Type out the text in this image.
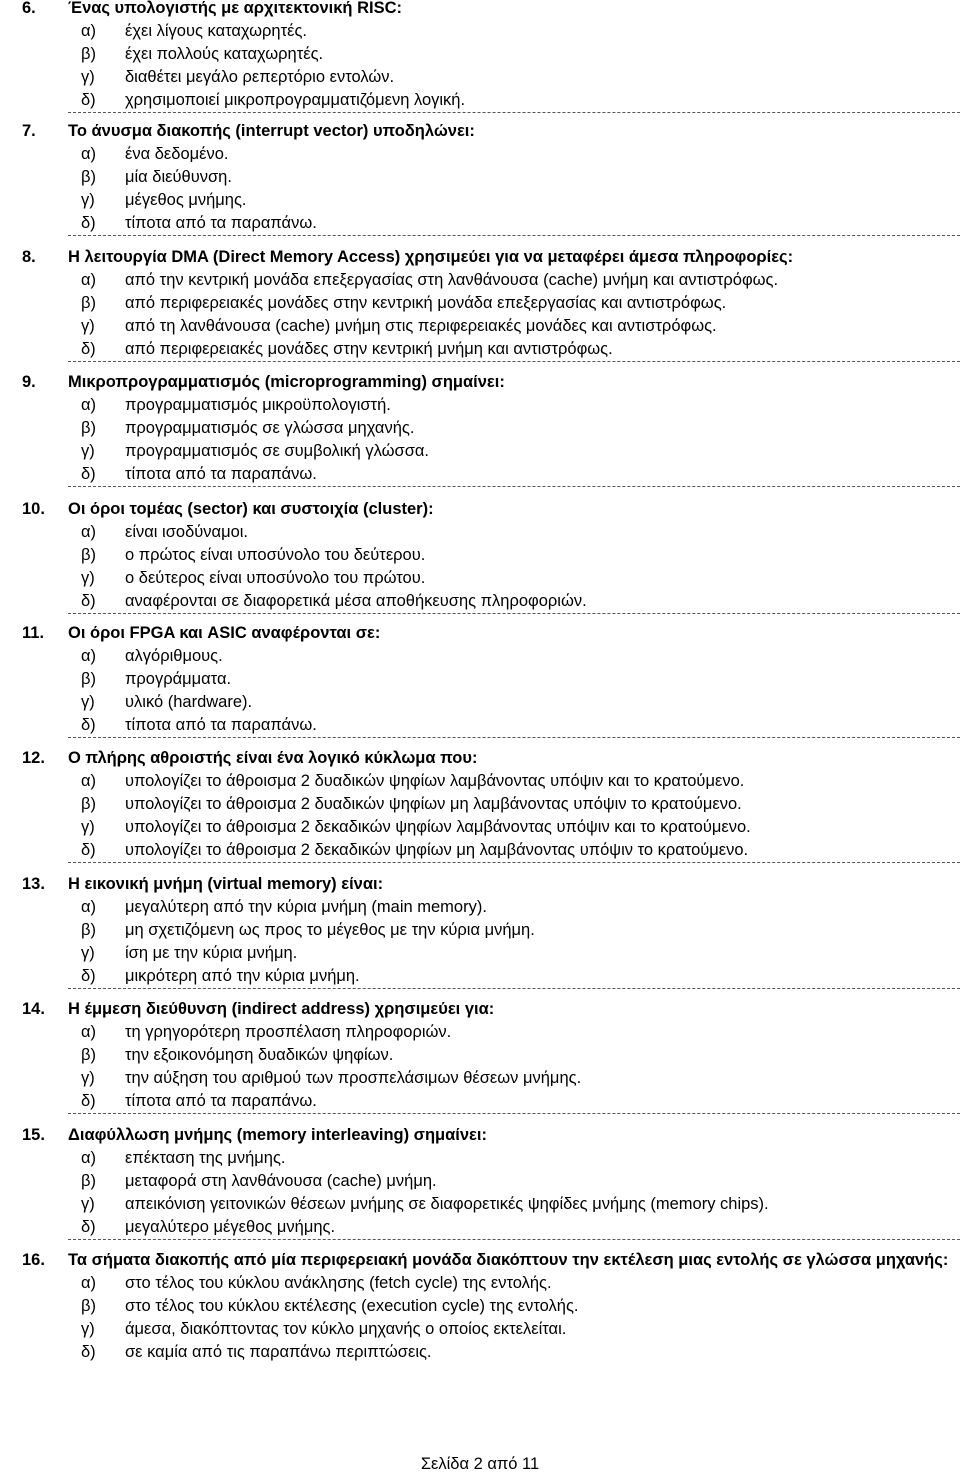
6. Ένας υπολογιστής με αρχιτεκτονική RISC:
α) έχει λίγους καταχωρητές.
β) έχει πολλούς καταχωρητές.
γ) διαθέτει μεγάλο ρεπερτόριο εντολών.
δ) χρησιμοποιεί μικροπρογραμματιζόμενη λογική.
7. Το άνυσμα διακοπής (interrupt vector) υποδηλώνει:
α) ένα δεδομένο.
β) μία διεύθυνση.
γ) μέγεθος μνήμης.
δ) τίποτα από τα παραπάνω.
8. Η λειτουργία DMA (Direct Memory Access) χρησιμεύει για να μεταφέρει άμεσα πληροφορίες:
α) από την κεντρική μονάδα επεξεργασίας στη λανθάνουσα (cache) μνήμη και αντιστρόφως.
β) από περιφερειακές μονάδες στην κεντρική μονάδα επεξεργασίας και αντιστρόφως.
γ) από τη λανθάνουσα (cache) μνήμη στις περιφερειακές μονάδες και αντιστρόφως.
δ) από περιφερειακές μονάδες στην κεντρική μνήμη και αντιστρόφως.
9. Μικροπρογραμματισμός (microprogramming) σημαίνει:
α) προγραμματισμός μικροϋπολογιστή.
β) προγραμματισμός σε γλώσσα μηχανής.
γ) προγραμματισμός σε συμβολική γλώσσα.
δ) τίποτα από τα παραπάνω.
10. Οι όροι τομέας (sector) και συστοιχία (cluster):
α) είναι ισοδύναμοι.
β) ο πρώτος είναι υποσύνολο του δεύτερου.
γ) ο δεύτερος είναι υποσύνολο του πρώτου.
δ) αναφέρονται σε διαφορετικά μέσα αποθήκευσης πληροφοριών.
11. Οι όροι FPGA και ASIC αναφέρονται σε:
α) αλγόριθμους.
β) προγράμματα.
γ) υλικό (hardware).
δ) τίποτα από τα παραπάνω.
12. Ο πλήρης αθροιστής είναι ένα λογικό κύκλωμα που:
α) υπολογίζει το άθροισμα 2 δυαδικών ψηφίων λαμβάνοντας υπόψιν και το κρατούμενο.
β) υπολογίζει το άθροισμα 2 δυαδικών ψηφίων μη λαμβάνοντας υπόψιν το κρατούμενο.
γ) υπολογίζει το άθροισμα 2 δεκαδικών ψηφίων λαμβάνοντας υπόψιν και το κρατούμενο.
δ) υπολογίζει το άθροισμα 2 δεκαδικών ψηφίων μη λαμβάνοντας υπόψιν το κρατούμενο.
13. Η εικονική μνήμη (virtual memory) είναι:
α) μεγαλύτερη από την κύρια μνήμη (main memory).
β) μη σχετιζόμενη ως προς το μέγεθος με την κύρια μνήμη.
γ) ίση με την κύρια μνήμη.
δ) μικρότερη από την κύρια μνήμη.
14. Η έμμεση διεύθυνση (indirect address) χρησιμεύει για:
α) τη γρηγορότερη προσπέλαση πληροφοριών.
β) την εξοικονόμηση δυαδικών ψηφίων.
γ) την αύξηση του αριθμού των προσπελάσιμων θέσεων μνήμης.
δ) τίποτα από τα παραπάνω.
15. Διαφύλλωση μνήμης (memory interleaving) σημαίνει:
α) επέκταση της μνήμης.
β) μεταφορά στη λανθάνουσα (cache) μνήμη.
γ) απεικόνιση γειτονικών θέσεων μνήμης σε διαφορετικές ψηφίδες μνήμης (memory chips).
δ) μεγαλύτερο μέγεθος μνήμης.
16. Τα σήματα διακοπής από μία περιφερειακή μονάδα διακόπτουν την εκτέλεση μιας εντολής σε γλώσσα μηχανής:
α) στο τέλος του κύκλου ανάκλησης (fetch cycle) της εντολής.
β) στο τέλος του κύκλου εκτέλεσης (execution cycle) της εντολής.
γ) άμεσα, διακόπτοντας τον κύκλο μηχανής ο οποίος εκτελείται.
δ) σε καμία από τις παραπάνω περιπτώσεις.
Σελίδα 2 από 11
